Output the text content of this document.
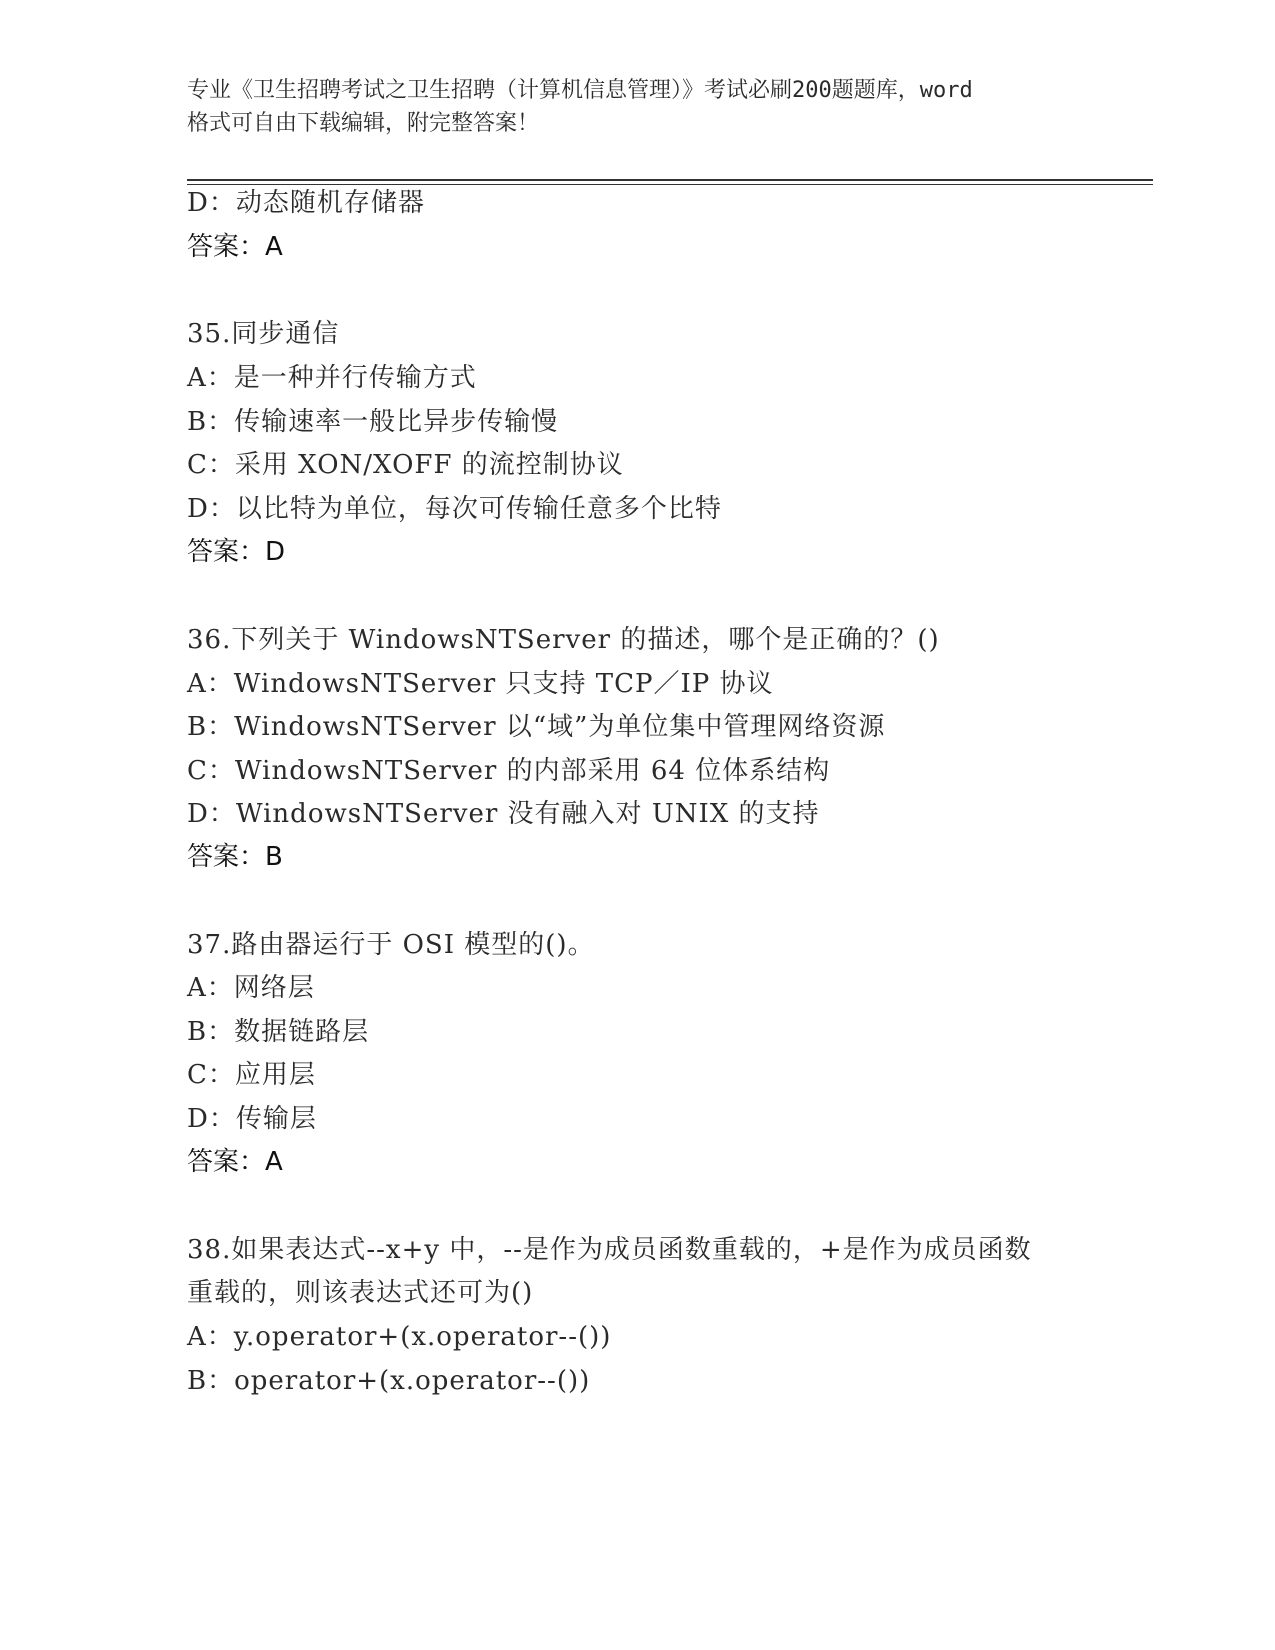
专业《卫生招聘考试之卫生招聘（计算机信息管理）》考试必刷200题题库，word
格式可自由下载编辑，附完整答案！
D：动态随机存储器
答案：A
35.同步通信
A：是一种并行传输方式
B：传输速率一般比异步传输慢
C：采用 XON/XOFF 的流控制协议
D：以比特为单位，每次可传输任意多个比特
答案：D
36.下列关于 WindowsNTServer 的描述，哪个是正确的？()
A：WindowsNTServer 只支持 TCP／IP 协议
B：WindowsNTServer 以“域”为单位集中管理网络资源
C：WindowsNTServer 的内部采用 64 位体系结构
D：WindowsNTServer 没有融入对 UNIX 的支持
答案：B
37.路由器运行于 OSI 模型的()。
A：网络层
B：数据链路层
C：应用层
D：传输层
答案：A
38.如果表达式--x+y 中，--是作为成员函数重载的，+是作为成员函数
重载的，则该表达式还可为()
A：y.operator+(x.operator--())
B：operator+(x.operator--())
